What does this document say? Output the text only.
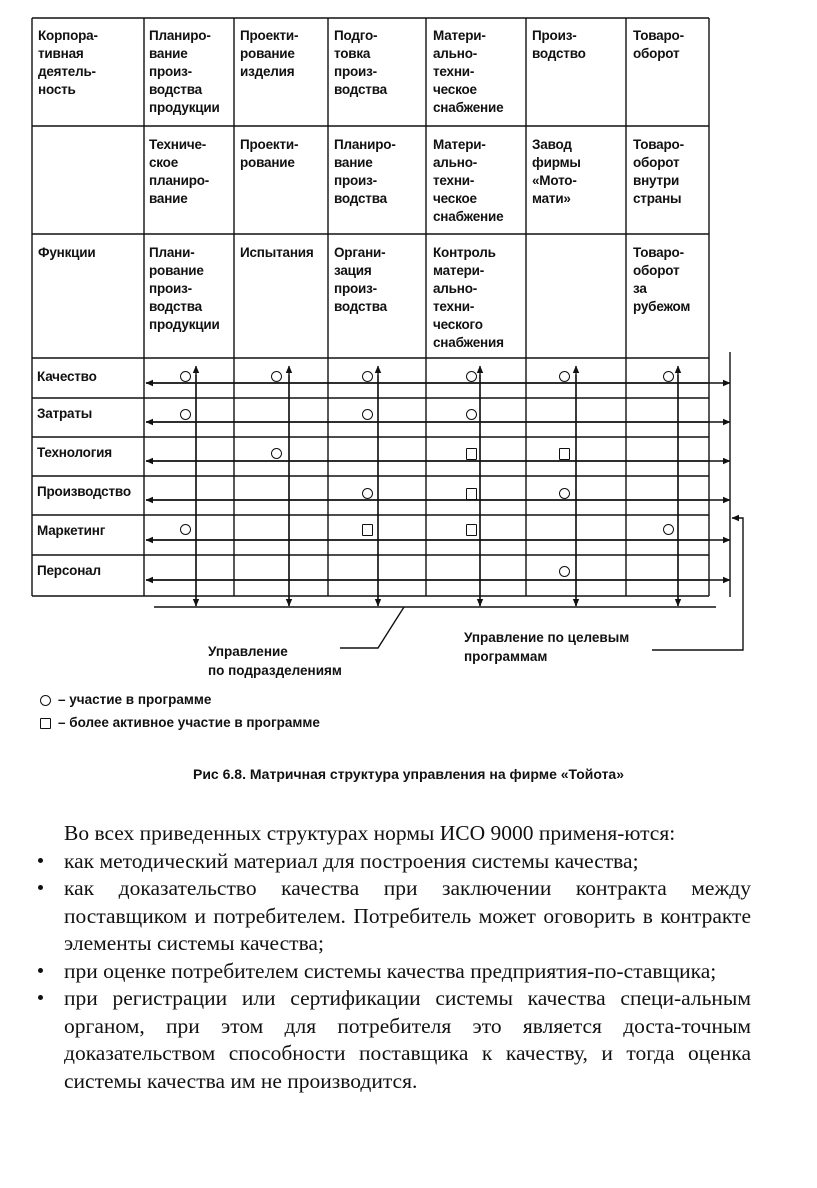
Корпора-
тивная
деятель-
ность
Функции
Планиро-
вание
произ-
водства
продукции
Проекти-
рование
изделия
Подго-
товка
произ-
водства
Матери-
ально-
техни-
ческое
снабжение
Произ-
водство
Товаро-
оборот
Техниче-
ское
планиро-
вание
Проекти-
рование
Планиро-
вание
произ-
водства
Матери-
ально-
техни-
ческое
снабжение
Завод
фирмы
«Мото-
мати»
Товаро-
оборот
внутри
страны
Плани-
рование
произ-
водства
продукции
Испытания Органи-
зация
произ-
водства
Контроль
матери-
ально-
техни-
ческого
снабжения
Товаро-
оборот
за
рубежом
Качество
Затраты
Технология
Производство
Маркетинг
Персонал
Управление
по подразделениям
Управление по целевым
программам
– участие в программе
– более активное участие в программе
Рис 6.8. Матричная структура управления на фирме «Тойота»

Во всех приведенных структурах нормы ИСО 9000 применя-ются:

как методический материал для построения системы качества;
как доказательство качества при заключении контракта между поставщиком и потребителем. Потребитель может оговорить в контракте элементы системы качества;
при оценке потребителем системы качества предприятия-по-ставщика;
при регистрации или сертификации системы качества специ-альным органом, при этом для потребителя это является доста-точным доказательством способности поставщика к качеству, и тогда оценка системы качества им не производится.
